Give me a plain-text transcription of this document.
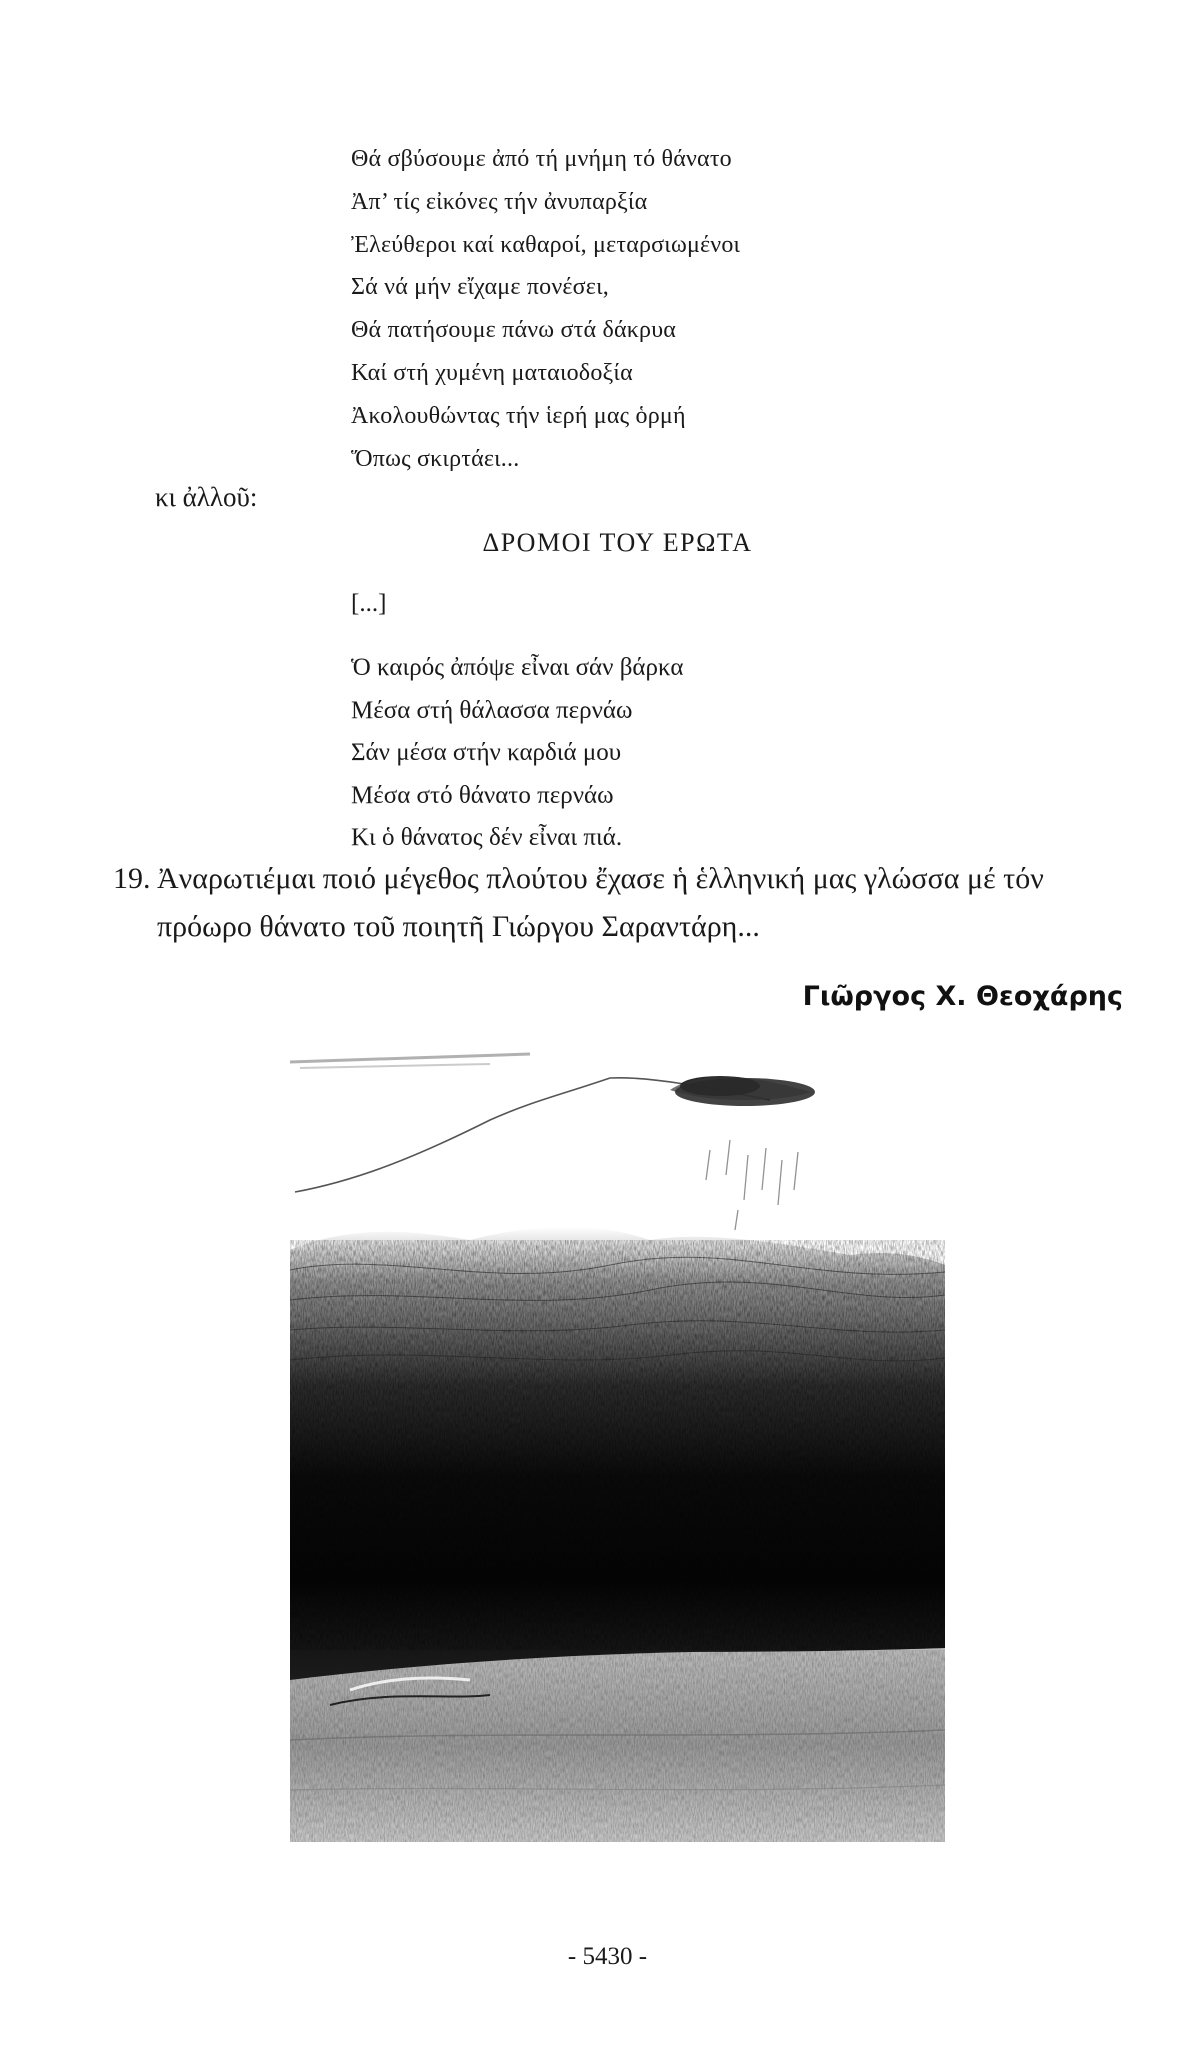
Θά σβύσουμε ἀπό τή μνήμη τό θάνατο
Ἀπ’ τίς εἰκόνες τήν ἀνυπαρξία
Ἐλεύθεροι καί καθαροί, μεταρσιωμένοι
Σά νά μήν εἴχαμε πονέσει,
Θά πατήσουμε πάνω στά δάκρυα
Καί στή χυμένη ματαιοδοξία
Ἀκολουθώντας τήν ἱερή μας ὁρμή
Ὅπως σκιρτάει...
κι ἀλλοῦ:
ΔΡΟΜΟΙ ΤΟΥ ΕΡΩΤΑ
[...]
Ὁ καιρός ἀπόψε εἶναι σάν βάρκα
Μέσα στή θάλασσα περνάω
Σάν μέσα στήν καρδιά μου
Μέσα στό θάνατο περνάω
Κι ὁ θάνατος δέν εἶναι πιά.
19. Ἀναρωτιέμαι ποιό μέγεθος πλούτου ἔχασε ἡ ἑλληνική μας γλώσσα μέ τόν
πρόωρο θάνατο τοῦ ποιητῆ Γιώργου Σαραντάρη...
Γιῶργος Χ. Θεοχάρης
- 5430 -
